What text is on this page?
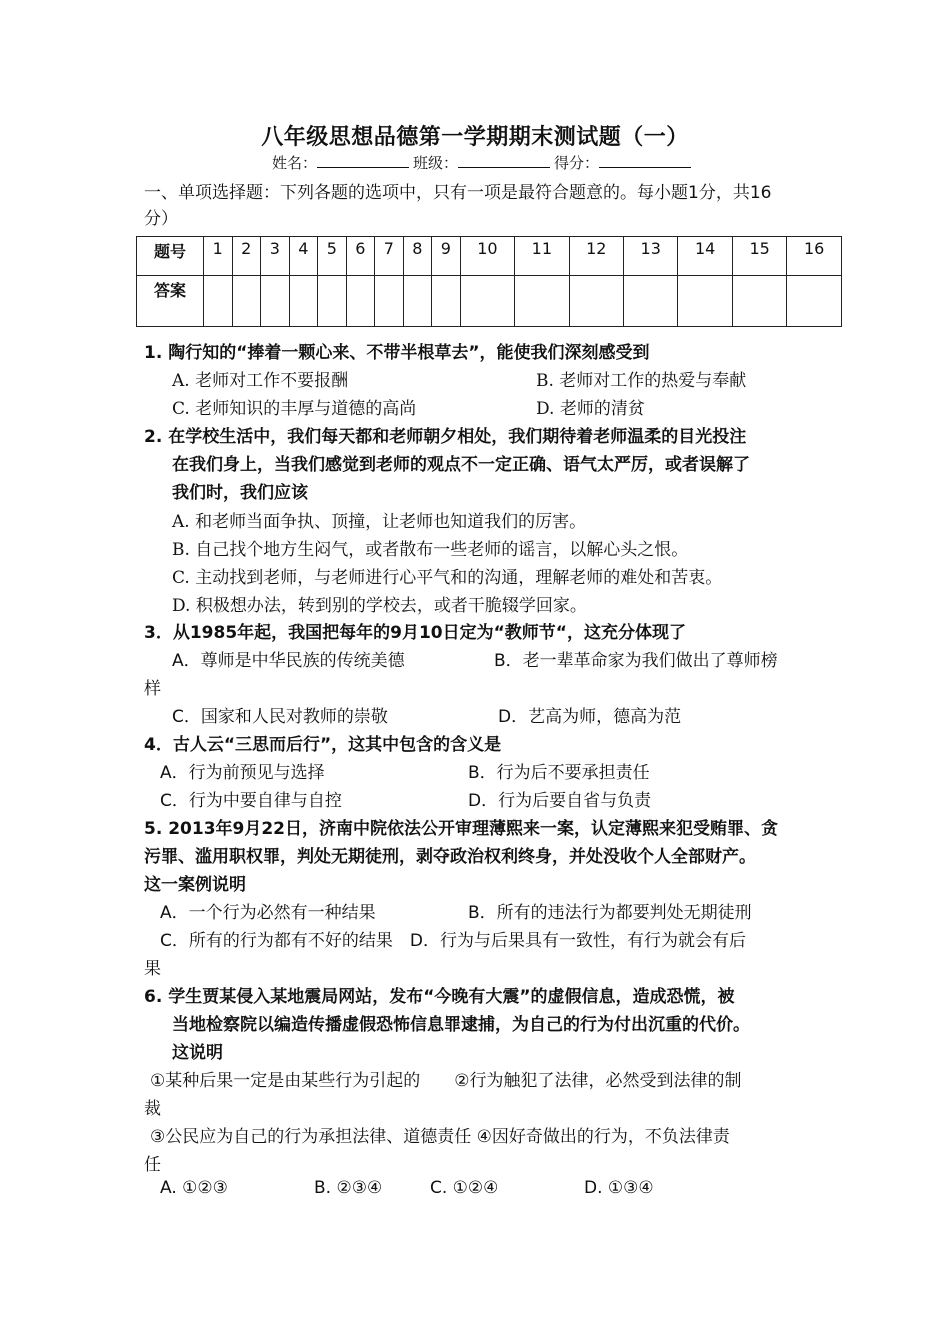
八年级思想品德第一学期期末测试题（一）
姓名：	班级：	得分：
一、单项选择题：下列各题的选项中，只有一项是最符合题意的。每小题1分，共16
分）
题号	1	2	3	4	5	6	7	8	9	10	11	12	13	14	15	16
答案																
1. 陶行知的“捧着一颗心来、不带半根草去”，能使我们深刻感受到
A. 老师对工作不要报酬	B. 老师对工作的热爱与奉献
C. 老师知识的丰厚与道德的高尚	D. 老师的清贫
2. 在学校生活中，我们每天都和老师朝夕相处，我们期待着老师温柔的目光投注
在我们身上，当我们感觉到老师的观点不一定正确、语气太严厉，或者误解了
我们时，我们应该
A. 和老师当面争执、顶撞，让老师也知道我们的厉害。
B. 自己找个地方生闷气，或者散布一些老师的谣言，以解心头之恨。
C. 主动找到老师，与老师进行心平气和的沟通，理解老师的难处和苦衷。
D. 积极想办法，转到别的学校去，或者干脆辍学回家。
3．从1985年起，我国把每年的9月10日定为“教师节“，这充分体现了
A．尊师是中华民族的传统美德	B．老一辈革命家为我们做出了尊师榜
样
C．国家和人民对教师的崇敬	D．艺高为师，德高为范
4．古人云“三思而后行”，这其中包含的含义是
A．行为前预见与选择	B．行为后不要承担责任
C．行为中要自律与自控	D．行为后要自省与负责
5. 2013年9月22日，济南中院依法公开审理薄熙来一案，认定薄熙来犯受贿罪、贪
污罪、滥用职权罪，判处无期徒刑，剥夺政治权利终身，并处没收个人全部财产。
这一案例说明
A．一个行为必然有一种结果	B．所有的违法行为都要判处无期徒刑
C．所有的行为都有不好的结果　D．行为与后果具有一致性，有行为就会有后
果
6. 学生贾某侵入某地震局网站，发布“今晚有大震”的虚假信息，造成恐慌，被
当地检察院以编造传播虚假恐怖信息罪逮捕，为自己的行为付出沉重的代价。
这说明
①某种后果一定是由某些行为引起的　　②行为触犯了法律，必然受到法律的制
裁
③公民应为自己的行为承担法律、道德责任 ④因好奇做出的行为，不负法律责
任
A. ①②③	B. ②③④	C. ①②④	D. ①③④
